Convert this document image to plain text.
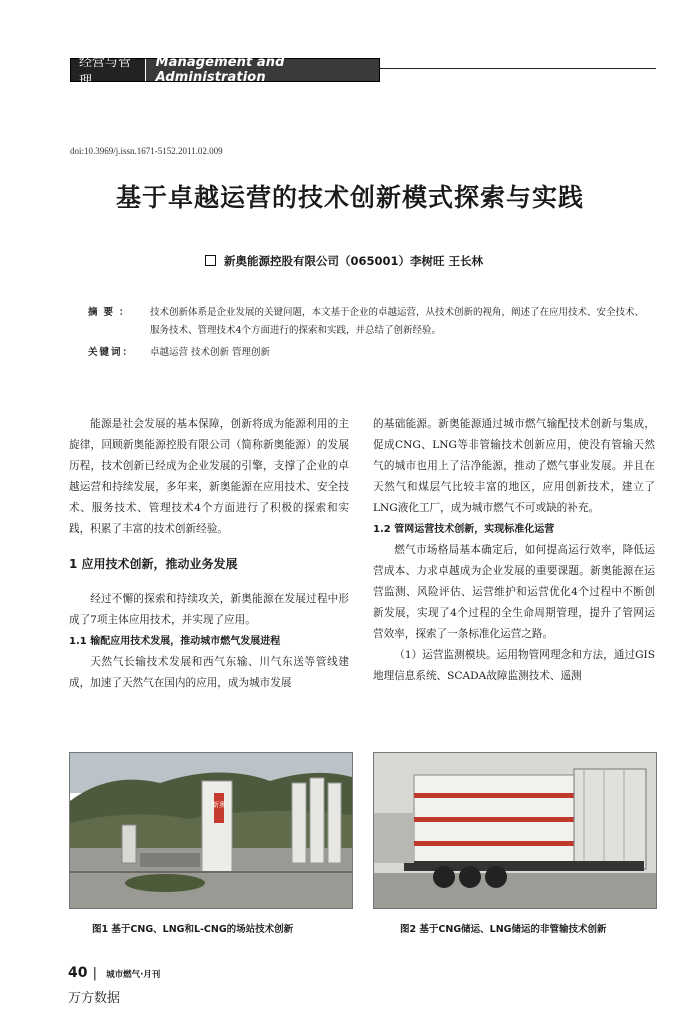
经营与管理
Management and Administration
doi:10.3969/j.issn.1671-5152.2011.02.009
基于卓越运营的技术创新模式探索与实践
新奥能源控股有限公司（065001）李树旺 王长林
摘要：	技术创新体系是企业发展的关键问题，本文基于企业的卓越运营，从技术创新的视角，阐述了在应用技术、安全技术、服务技术、管理技术4个方面进行的探索和实践，并总结了创新经验。
关键词：	卓越运营 技术创新 管理创新

能源是社会发展的基本保障，创新将成为能源利用的主旋律，回顾新奥能源控股有限公司（简称新奥能源）的发展历程，技术创新已经成为企业发展的引擎，支撑了企业的卓越运营和持续发展，多年来，新奥能源在应用技术、安全技术、服务技术、管理技术4个方面进行了积极的探索和实践，积累了丰富的技术创新经验。

1 应用技术创新，推动业务发展

经过不懈的探索和持续攻关，新奥能源在发展过程中形成了7项主体应用技术，并实现了应用。

1.1 输配应用技术发展，推动城市燃气发展进程

天然气长输技术发展和西气东输、川气东送等管线建成，加速了天然气在国内的应用，成为城市发展

的基础能源。新奥能源通过城市燃气输配技术创新与集成，促成CNG、LNG等非管输技术创新应用，使没有管输天然气的城市也用上了洁净能源，推动了燃气事业发展。并且在天然气和煤层气比较丰富的地区，应用创新技术，建立了LNG液化工厂，成为城市燃气不可或缺的补充。

1.2 管网运营技术创新，实现标准化运营

燃气市场格局基本确定后，如何提高运行效率，降低运营成本、力求卓越成为企业发展的重要课题。新奥能源在运营监测、风险评估、运营维护和运营优化4个过程中不断创新发展，实现了4个过程的全生命周期管理，提升了管网运营效率，探索了一条标准化运营之路。

（1）运营监测模块。运用物管网理念和方法，通过GIS地理信息系统、SCADA故障监测技术、遥测

新奥
图1 基于CNG、LNG和L-CNG的场站技术创新	图2 基于CNG储运、LNG储运的非管输技术创新
40 | 城市燃气·月刊
万方数据
